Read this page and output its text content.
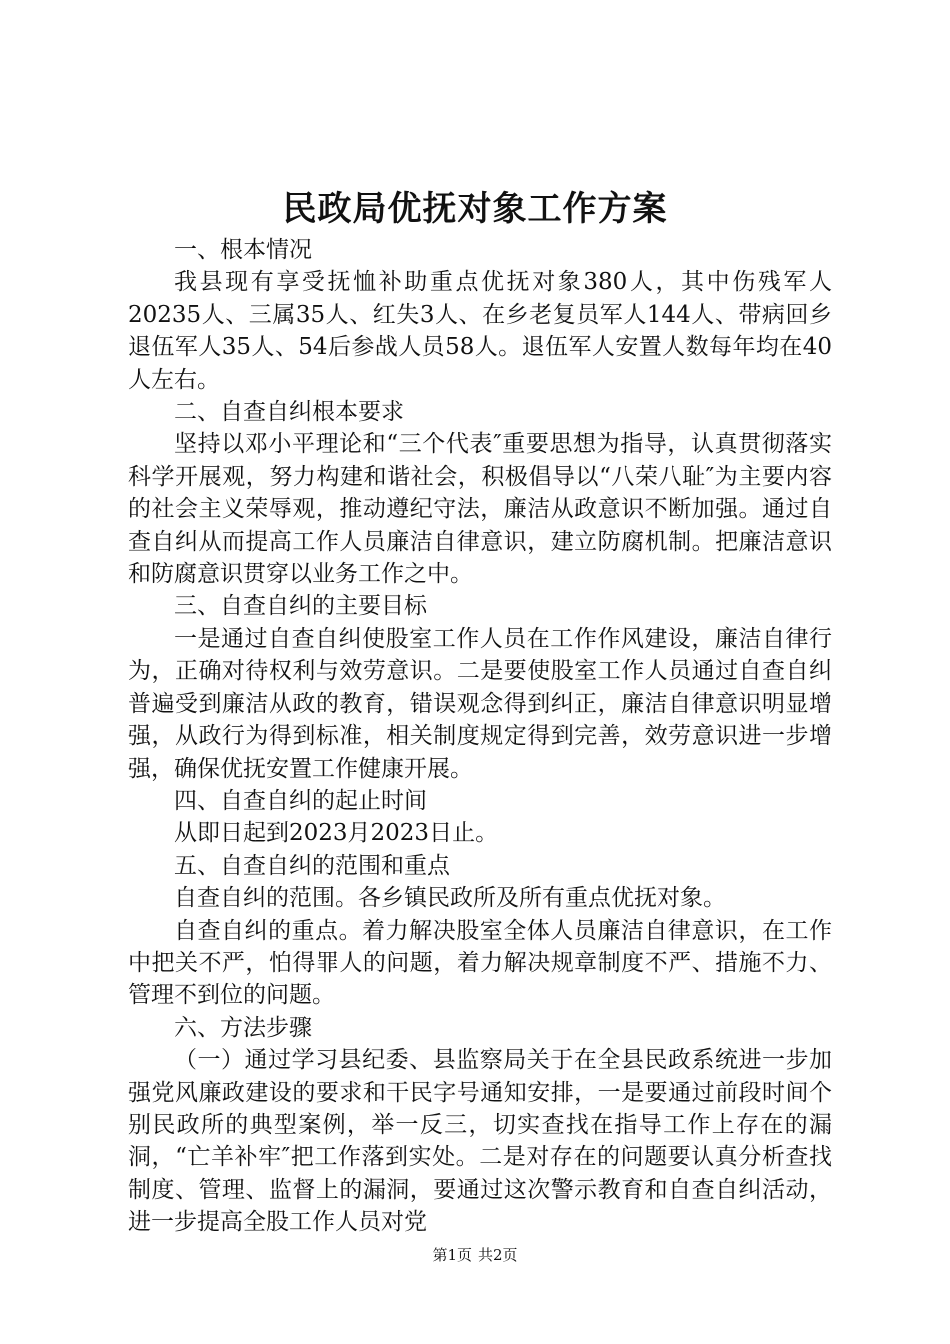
民政局优抚对象工作方案

一、根本情况

我县现有享受抚恤补助重点优抚对象380人，其中伤残军人20235人、三属35人、红失3人、在乡老复员军人144人、带病回乡退伍军人35人、54后参战人员58人。退伍军人安置人数每年均在40人左右。

二、自查自纠根本要求

坚持以邓小平理论和“三个代表″重要思想为指导，认真贯彻落实科学开展观，努力构建和谐社会，积极倡导以“八荣八耻″为主要内容的社会主义荣辱观，推动遵纪守法，廉洁从政意识不断加强。通过自查自纠从而提高工作人员廉洁自律意识，建立防腐机制。把廉洁意识和防腐意识贯穿以业务工作之中。

三、自查自纠的主要目标

一是通过自查自纠使股室工作人员在工作作风建设，廉洁自律行为，正确对待权利与效劳意识。二是要使股室工作人员通过自查自纠普遍受到廉洁从政的教育，错误观念得到纠正，廉洁自律意识明显增强，从政行为得到标准，相关制度规定得到完善，效劳意识进一步增强，确保优抚安置工作健康开展。

四、自查自纠的起止时间

从即日起到2023月2023日止。

五、自查自纠的范围和重点

自查自纠的范围。各乡镇民政所及所有重点优抚对象。

自查自纠的重点。着力解决股室全体人员廉洁自律意识，在工作中把关不严，怕得罪人的问题，着力解决规章制度不严、措施不力、管理不到位的问题。

六、方法步骤

（一）通过学习县纪委、县监察局关于在全县民政系统进一步加强党风廉政建设的要求和干民字号通知安排，一是要通过前段时间个别民政所的典型案例，举一反三，切实查找在指导工作上存在的漏洞，“亡羊补牢″把工作落到实处。二是对存在的问题要认真分析查找制度、管理、监督上的漏洞，要通过这次警示教育和自查自纠活动，进一步提高全股工作人员对党

第1页 共2页
